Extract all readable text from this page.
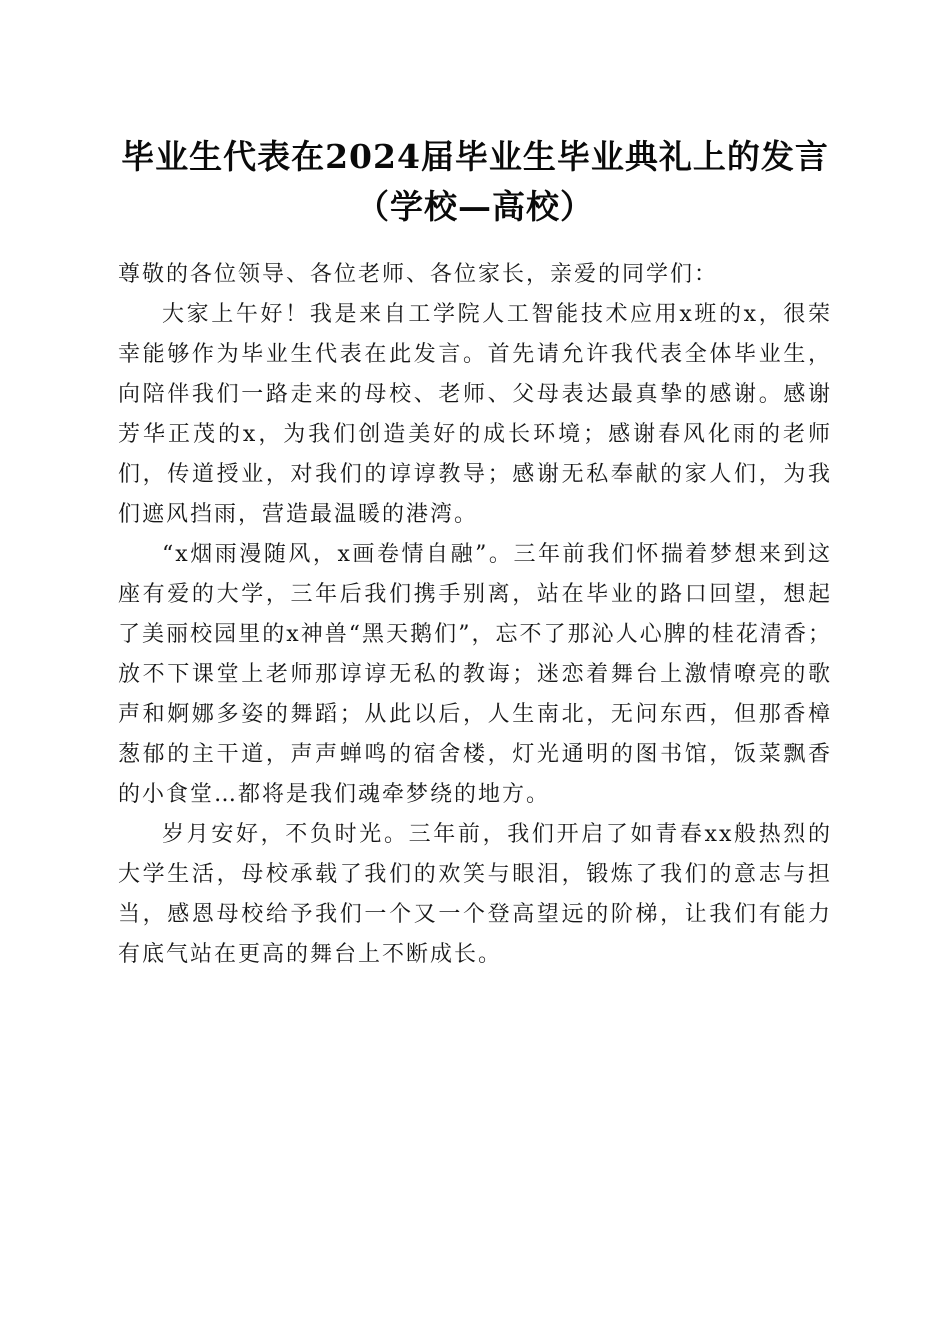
毕业生代表在2024届毕业生毕业典礼上的发言（学校—高校）

尊敬的各位领导、各位老师、各位家长，亲爱的同学们：

大家上午好！我是来自工学院人工智能技术应用x班的x，很荣幸能够作为毕业生代表在此发言。首先请允许我代表全体毕业生，向陪伴我们一路走来的母校、老师、父母表达最真挚的感谢。感谢芳华正茂的x，为我们创造美好的成长环境；感谢春风化雨的老师们，传道授业，对我们的谆谆教导；感谢无私奉献的家人们，为我们遮风挡雨，营造最温暖的港湾。

“x烟雨漫随风，x画卷情自融”。三年前我们怀揣着梦想来到这座有爱的大学，三年后我们携手别离，站在毕业的路口回望，想起了美丽校园里的x神兽“黑天鹅们”，忘不了那沁人心脾的桂花清香；放不下课堂上老师那谆谆无私的教诲；迷恋着舞台上激情嘹亮的歌声和婀娜多姿的舞蹈；从此以后，人生南北，无问东西，但那香樟葱郁的主干道，声声蝉鸣的宿舍楼，灯光通明的图书馆，饭菜飘香的小食堂…都将是我们魂牵梦绕的地方。

岁月安好，不负时光。三年前，我们开启了如青春xx般热烈的大学生活，母校承载了我们的欢笑与眼泪，锻炼了我们的意志与担当，感恩母校给予我们一个又一个登高望远的阶梯，让我们有能力有底气站在更高的舞台上不断成长。
